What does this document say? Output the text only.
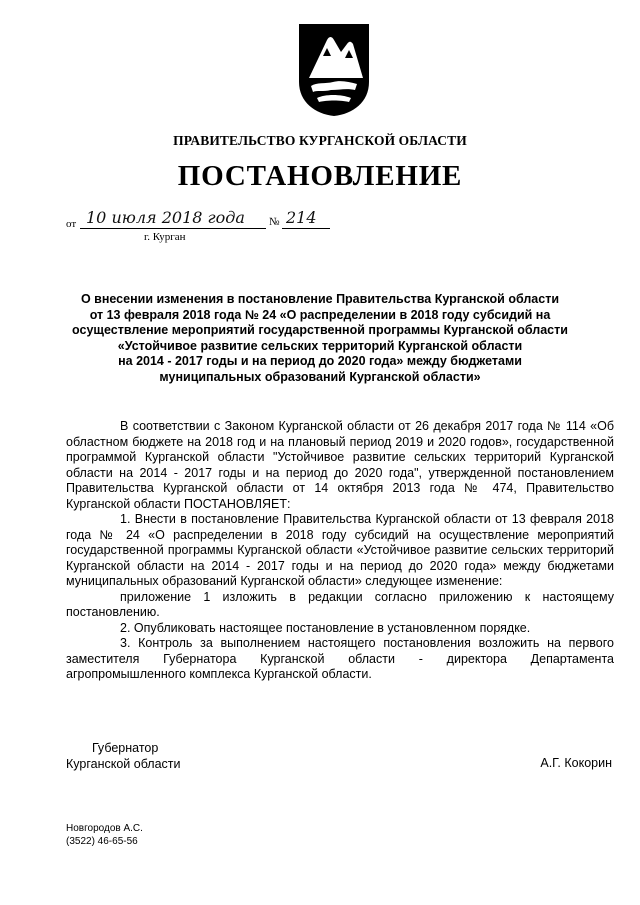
ПРАВИТЕЛЬСТВО КУРГАНСКОЙ ОБЛАСТИ
ПОСТАНОВЛЕНИЕ
от 10 июля 2018 года № 214
г. Курган
О внесении изменения в постановление Правительства Курганской области
от 13 февраля 2018 года № 24 «О распределении в 2018 году субсидий на
осуществление мероприятий государственной программы Курганской области
«Устойчивое развитие сельских территорий Курганской области
на 2014 - 2017 годы и на период до 2020 года» между бюджетами
муниципальных образований Курганской области»

В соответствии с Законом Курганской области от 26 декабря 2017 года № 114 «Об областном бюджете на 2018 год и на плановый период 2019 и 2020 годов», государственной программой Курганской области "Устойчивое развитие сельских территорий Курганской области на 2014 - 2017 годы и на период до 2020 года", утвержденной постановлением Правительства Курганской области от 14 октября 2013 года № 474, Правительство Курганской области ПОСТАНОВЛЯЕТ:

1. Внести в постановление Правительства Курганской области от 13 февраля 2018 года № 24 «О распределении в 2018 году субсидий на осуществление мероприятий государственной программы Курганской области «Устойчивое развитие сельских территорий Курганской области на 2014 - 2017 годы и на период до 2020 года» между бюджетами муниципальных образований Курганской области» следующее изменение:

приложение 1 изложить в редакции согласно приложению к настоящему постановлению.

2. Опубликовать настоящее постановление в установленном порядке.

3. Контроль за выполнением настоящего постановления возложить на первого заместителя Губернатора Курганской области - директора Департамента агропромышленного комплекса Курганской области.

Губернатор
Курганской области	А.Г. Кокорин
Новгородов А.С.
(3522) 46-65-56
